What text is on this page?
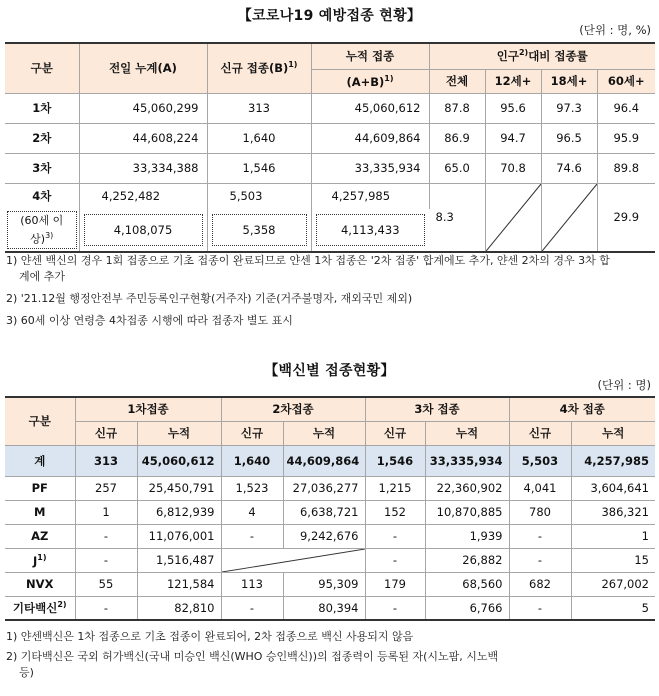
【코로나19 예방접종 현황】
(단위 : 명, %)
구분	전일 누계(A)	신규 접종$(B)^{1)}$	누적 접종	인구$^{2)}$대비 접종률			
			$(A+B)^{1)}$	전체	12세+	18세+	60세+
1차	45,060,299	313	45,060,612	87.8	95.6	97.3	96.4
2차	44,608,224	1,640	44,609,864	86.9	94.7	96.5	95.9
3차	33,334,388	1,546	33,335,934	65.0	70.8	74.6	89.8
4차	4,252,482	5,503	4,257,985	8.3			29.9

(60세 이
상)$^{3)}$	4,108,075	5,358	4,113,433				
1) 얀센 백신의 경우 1회 접종으로 기초 접종이 완료되므로 얀센 1차 접종은 '2차 접종' 합계에도 추가, 얀센 2차의 경우 3차 합
계에 추가
2) '21.12월 행정안전부 주민등록인구현황(거주자) 기준(거주불명자, 재외국민 제외)
3) 60세 이상 연령층 4차접종 시행에 따라 접종자 별도 표시
【백신별 접종현황】
(단위 : 명)
구분	1차접종		2차접종		3차 접종		4차 접종	
	신규	누적	신규	누적	신규	누적	신규	누적
계	313	45,060,612	1,640	44,609,864	1,546	33,335,934	5,503	4,257,985
PF	257	25,450,791	1,523	27,036,277	1,215	22,360,902	4,041	3,604,641
M	1	6,812,939	4	6,638,721	152	10,870,885	780	386,321
AZ	-	11,076,001	-	9,242,676	-	1,939	-	1
$J^{1)}$	-	1,516,487			-	26,882	-	15
NVX	55	121,584	113	95,309	179	68,560	682	267,002
기타백신$^{2)}$	-	82,810	-	80,394	-	6,766	-	5
1) 얀센백신은 1차 접종으로 기초 접종이 완료되어, 2차 접종으로 백신 사용되지 않음
2) 기타백신은 국외 허가백신(국내 미승인 백신(WHO 승인백신))의 접종력이 등록된 자(시노팜, 시노백
등)
